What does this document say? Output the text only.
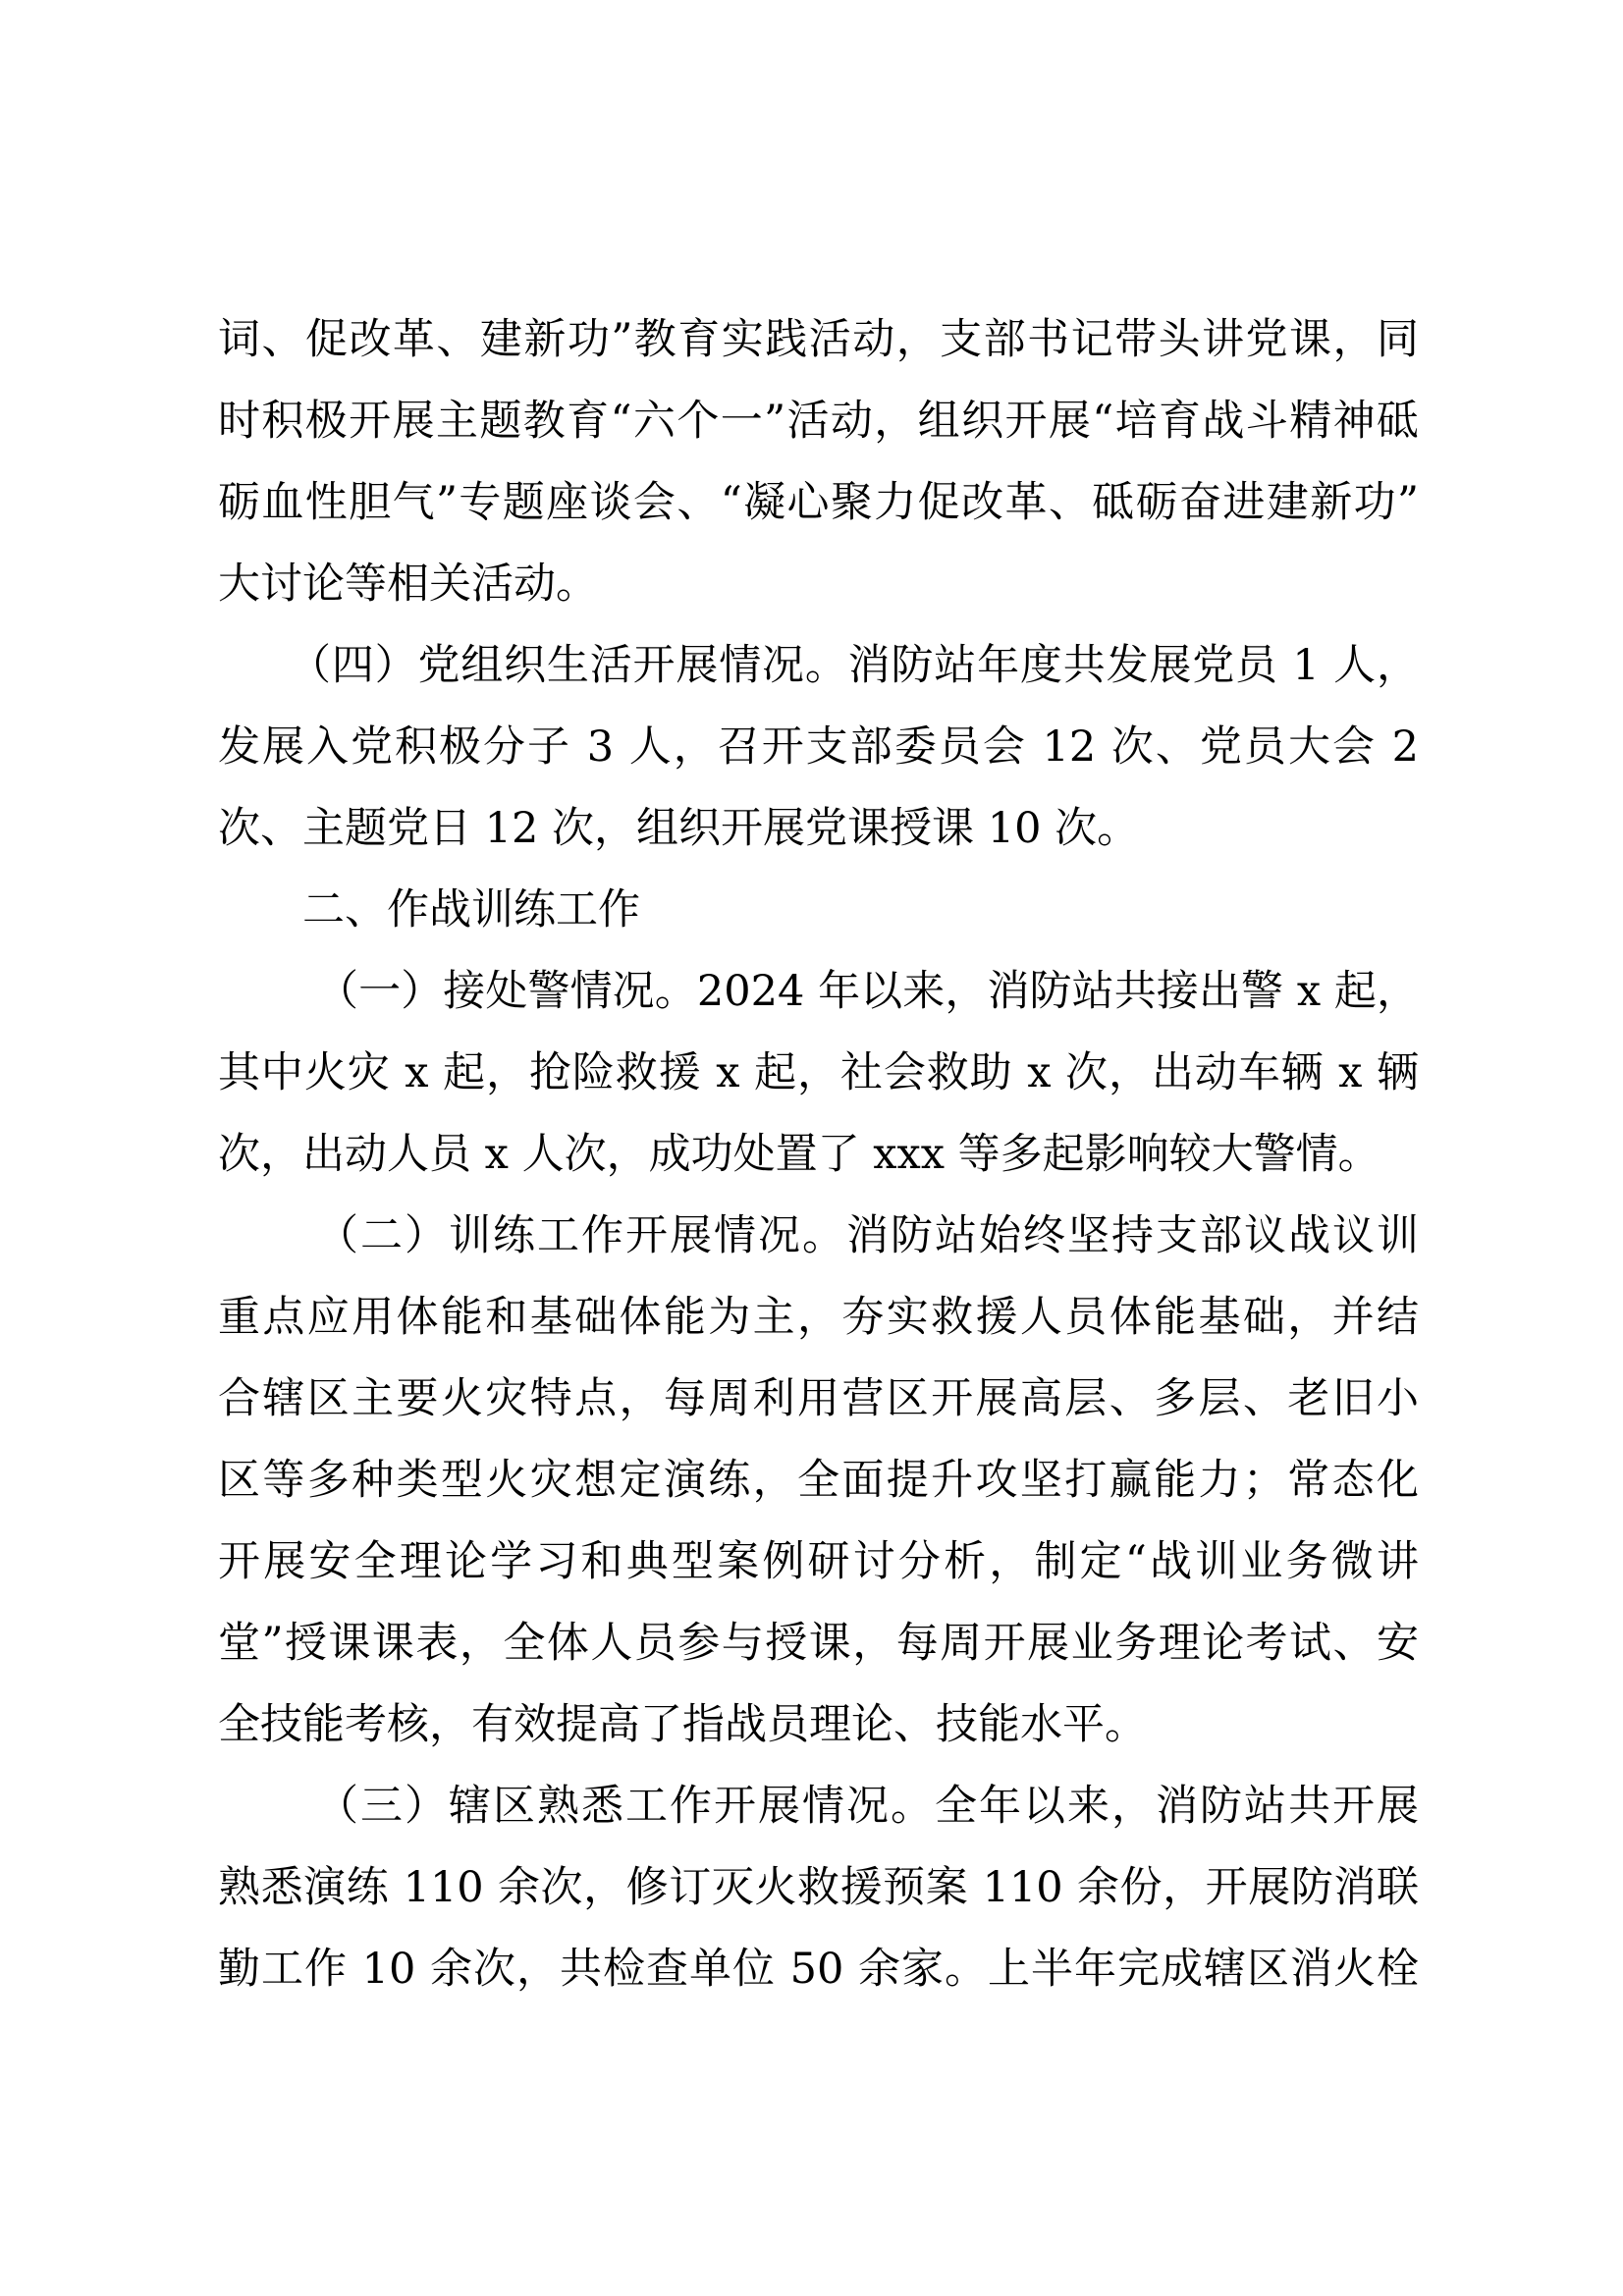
词、促改革、建新功”教育实践活动，支部书记带头讲党课，同
时积极开展主题教育“六个一”活动，组织开展“培育战斗精神砥
砺血性胆气”专题座谈会、“凝心聚力促改革、砥砺奋进建新功”
大讨论等相关活动。
（四）党组织生活开展情况。消防站年度共发展党员 1 人，
发展入党积极分子 3 人，召开支部委员会 12 次、党员大会 2
次、主题党日 12 次，组织开展党课授课 10 次。
二、作战训练工作
（一）接处警情况。2024 年以来，消防站共接出警 x 起，
其中火灾 x 起，抢险救援 x 起，社会救助 x 次，出动车辆 x 辆
次，出动人员 x 人次，成功处置了 xxx 等多起影响较大警情。
（二）训练工作开展情况。消防站始终坚持支部议战议训
重点应用体能和基础体能为主，夯实救援人员体能基础，并结
合辖区主要火灾特点，每周利用营区开展高层、多层、老旧小
区等多种类型火灾想定演练，全面提升攻坚打赢能力；常态化
开展安全理论学习和典型案例研讨分析，制定“战训业务微讲
堂”授课课表，全体人员参与授课，每周开展业务理论考试、安
全技能考核，有效提高了指战员理论、技能水平。
（三）辖区熟悉工作开展情况。全年以来，消防站共开展
熟悉演练 110 余次，修订灭火救援预案 110 余份，开展防消联
勤工作 10 余次，共检查单位 50 余家。上半年完成辖区消火栓
